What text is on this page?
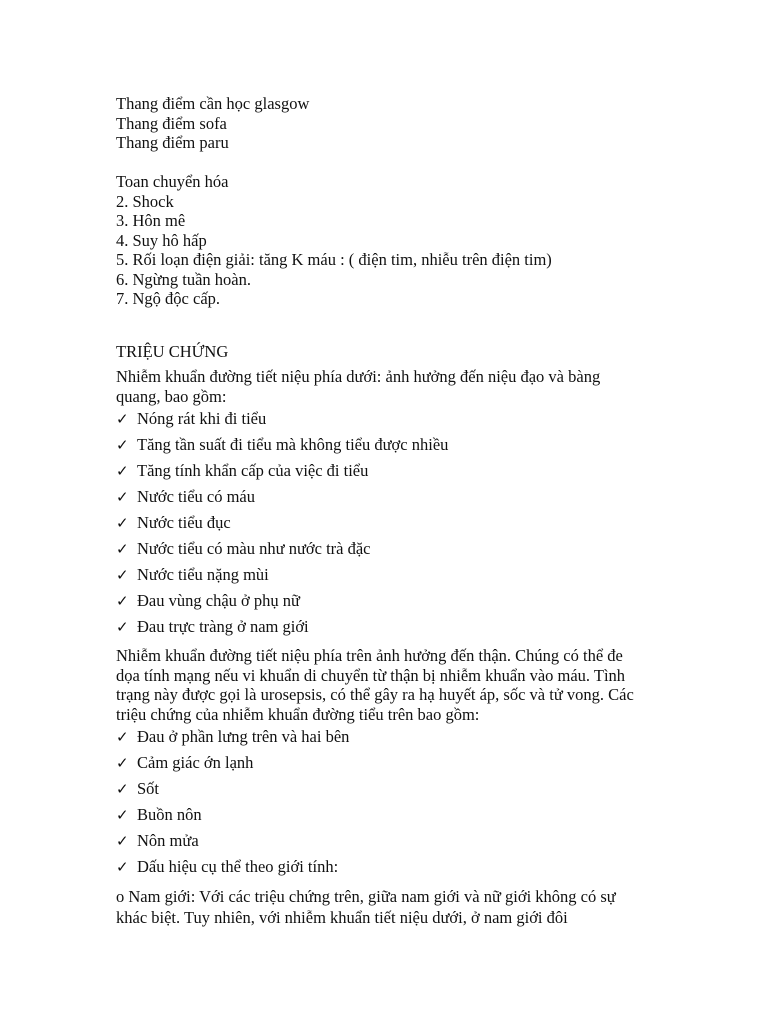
Thang điểm cần học glasgow
Thang điểm sofa
Thang điểm paru
Toan chuyển hóa
2. Shock
3. Hôn mê
4. Suy hô hấp
5. Rối loạn điện giải: tăng K máu : ( điện tim, nhiễu trên điện tim)
6. Ngừng tuần hoàn.
7. Ngộ độc cấp.
TRIỆU CHỨNG
Nhiễm khuẩn đường tiết niệu phía dưới: ảnh hưởng đến niệu đạo và bàng quang, bao gồm:
✓ Nóng rát khi đi tiểu
✓ Tăng tần suất đi tiểu mà không tiểu được nhiều
✓ Tăng tính khẩn cấp của việc đi tiểu
✓ Nước tiểu có máu
✓ Nước tiểu đục
✓ Nước tiểu có màu như nước trà đặc
✓ Nước tiểu nặng mùi
✓ Đau vùng chậu ở phụ nữ
✓ Đau trực tràng ở nam giới
Nhiễm khuẩn đường tiết niệu phía trên ảnh hưởng đến thận. Chúng có thể đe dọa tính mạng nếu vi khuẩn di chuyển từ thận bị nhiễm khuẩn vào máu. Tình trạng này được gọi là urosepsis, có thể gây ra hạ huyết áp, sốc và tử vong. Các triệu chứng của nhiễm khuẩn đường tiểu trên bao gồm:
✓ Đau ở phần lưng trên và hai bên
✓ Cảm giác ớn lạnh
✓ Sốt
✓ Buồn nôn
✓ Nôn mửa
✓ Dấu hiệu cụ thể theo giới tính:
o Nam giới: Với các triệu chứng trên, giữa nam giới và nữ giới không có sự khác biệt. Tuy nhiên, với nhiễm khuẩn tiết niệu dưới, ở nam giới đôi
